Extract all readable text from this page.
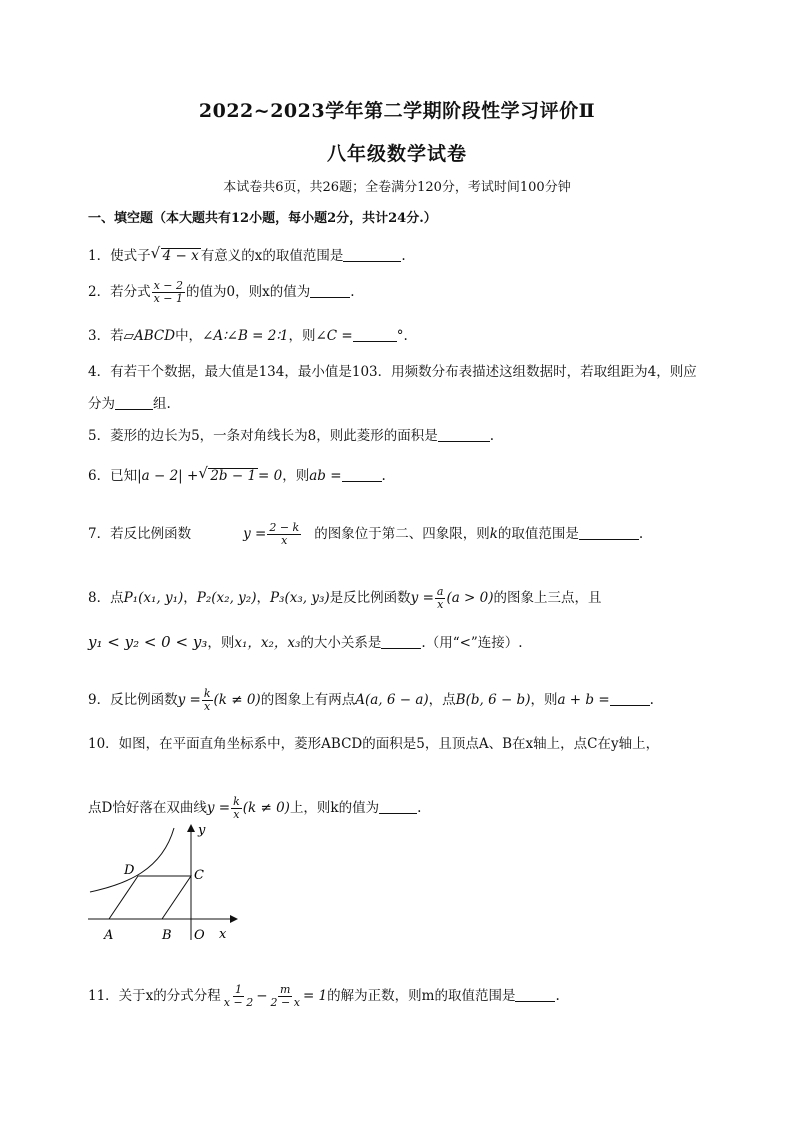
2022~2023学年第二学期阶段性学习评价Ⅱ
八年级数学试卷
本试卷共6页，共26题；全卷满分120分，考试时间100分钟
一、填空题（本大题共有12小题，每小题2分，共计24分.）
1．使式子 √ 4 − x 有意义的x的取值范围是	.
2．若分式 $\frac{x - 2}{x - 1}$ 的值为0，则x的值为	.
3．若▱ABCD中，∠A∶∠B = 2∶1，则∠C =	°.
4．有若干个数据，最大值是134，最小值是103．用频数分布表描述这组数据时，若取组距为4，则应
分为	组.
5．菱形的边长为5，一条对角线长为8，则此菱形的面积是	.
6．已知|a − 2| + √ 2b − 1 = 0，则ab =	.
7．若反比例函数	$y = \frac{2 - k}{x}$ 的图象位于第二、四象限，则k的取值范围是	.
8．点P₁(x₁, y₁)，P₂(x₂, y₂)，P₃(x₃, y₃)是反比例函数$y = \frac{a}{x} (a > 0)$的图象上三点，且
y₁ < y₂ < 0 < y₃，则x₁，x₂，x₃的大小关系是	.（用“<”连接）.
9．反比例函数$y = \frac{k}{x} (k \ne 0)$的图象上有两点A(a, 6 − a)，点B(b, 6 − b)，则a + b =	.
10．如图，在平面直角坐标系中，菱形ABCD的面积是5，且顶点A、B在x轴上，点C在y轴上，
点D恰好落在双曲线$y = \frac{k}{x} (k \ne 0)$上，则k的值为	.
y
x
D	C
A	B O
11．关于x的分式分程 $\frac{1}{x - 2} - \frac{m}{2 - x} = 1$的解为正数，则m的取值范围是	.
